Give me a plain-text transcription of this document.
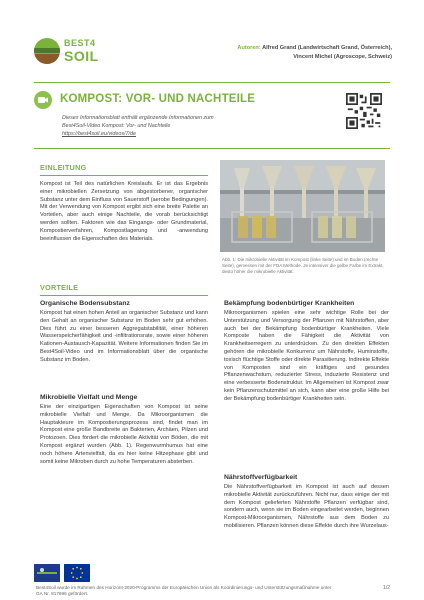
BEST4
SOIL	Autoren: Alfred Grand (Landwirtschaft Grand, Österreich),
Vincent Michel (Agroscope, Schweiz)
KOMPOST: VOR- UND NACHTEILE
Dieses Informationsblatt enthält ergänzende Informationen zum
Best4Soil-Video Kompost: Vor- und Nachteile
https://best4soil.eu/videos/7/de
EINLEITUNG
Kompost ist Teil des natürlichen Kreislaufs. Er ist das Ergebnis einer mikrobiellen Zersetzung von abgestorbener, organischer Substanz unter dem Einfluss von Sauerstoff (aerobe Bedingungen). Mit der Verwendung von Kompost ergibt sich eine breite Palette an Vorteilen, aber auch einige Nachteile, die vorab berücksichtigt werden sollten. Faktoren wie das Eingangs- oder Grundmaterial, Kompostierverfahren, Kompostlagerung und -anwendung beeinflussen die Eigenschaften des Materials.
Abb. 1: Die mikrobielle Aktivität im Kompost (linke Seite) und im Boden (rechte Seite), gemessen mit der FDA Methode. Je intensiver die gelbe Farbe im Extrakt, desto höher die mikrobielle Aktivität.
VORTEILE
Organische Bodensubstanz
Kompost hat einen hohen Anteil an organischer Substanz und kann den Gehalt an organischer Substanz im Boden sehr gut erhöhen. Dies führt zu einer besseren Aggregatstabilität, einer höheren Wasserspeicherfähigkeit und -infiltrationsrate, sowie einer höheren Kationen-Austausch-Kapazität. Weitere Informationen finden Sie im Best4Soil-Video und im Informationsblatt über die organische Substanz im Boden.
Mikrobielle Vielfalt und Menge
Eine der einzigartigen Eigenschaften von Kompost ist seine mikrobielle Vielfalt und Menge. Da Mikroorganismen die Hauptakteure im Kompostierungsprozess sind, findet man im Kompost eine große Bandbreite an Bakterien, Archäen, Pilzen und Protozoen. Dies fördert die mikrobielle Aktivität von Böden, die mit Kompost ergänzt wurden (Abb. 1). Regenwurmhumus hat eine noch höhere Artenvielfalt, da es hier keine Hitzephase gibt und somit keine Mikroben durch zu hohe Temperaturen absterben.
Bekämpfung bodenbürtiger Krankheiten
Mikroorganismen spielen eine sehr wichtige Rolle bei der Unterstützung und Versorgung der Pflanzen mit Nährstoffen, aber auch bei der Bekämpfung bodenbürtiger Krankheiten. Viele Komposte haben die Fähigkeit die Aktivität von Krankheitserregern zu unterdrücken. Zu den direkten Effekten gehören die mikrobielle Konkurrenz um Nährstoffe, Huminstoffe, toxisch flüchtige Stoffe oder direkte Parasitierung. Indirekte Effekte von Komposten sind ein kräftiges und gesundes Pflanzenwachstum, reduzierter Stress, induzierte Resistenz und eine verbesserte Bodenstruktur. Im Allgemeinen ist Kompost zwar kein Pflanzenschutzmittel an sich, kann aber eine große Hilfe bei der Bekämpfung bodenbürtiger Krankheiten sein.
Nährstoffverfügbarkeit
Die Nährstoffverfügbarkeit im Kompost ist auch auf dessen mikrobielle Aktivität zurückzuführen. Nicht nur, dass einige der mit dem Kompost gelieferten Nährstoffe Pflanzen verfügbar sind, sondern auch, wenn sie im Boden eingearbeitet werden, beginnen Kompost-Mikroorganismen, Nährstoffe aus dem Boden zu mobilisieren. Pflanzen können diese Effekte durch ihre Wurzelaus-
Best4Soil wurde im Rahmen des Horizont-2020-Programms der Europäischen Union als Koordinierungs- und Unterstützungsmaßnahme unter GA Nr. 817696 gefördert.
1/2
